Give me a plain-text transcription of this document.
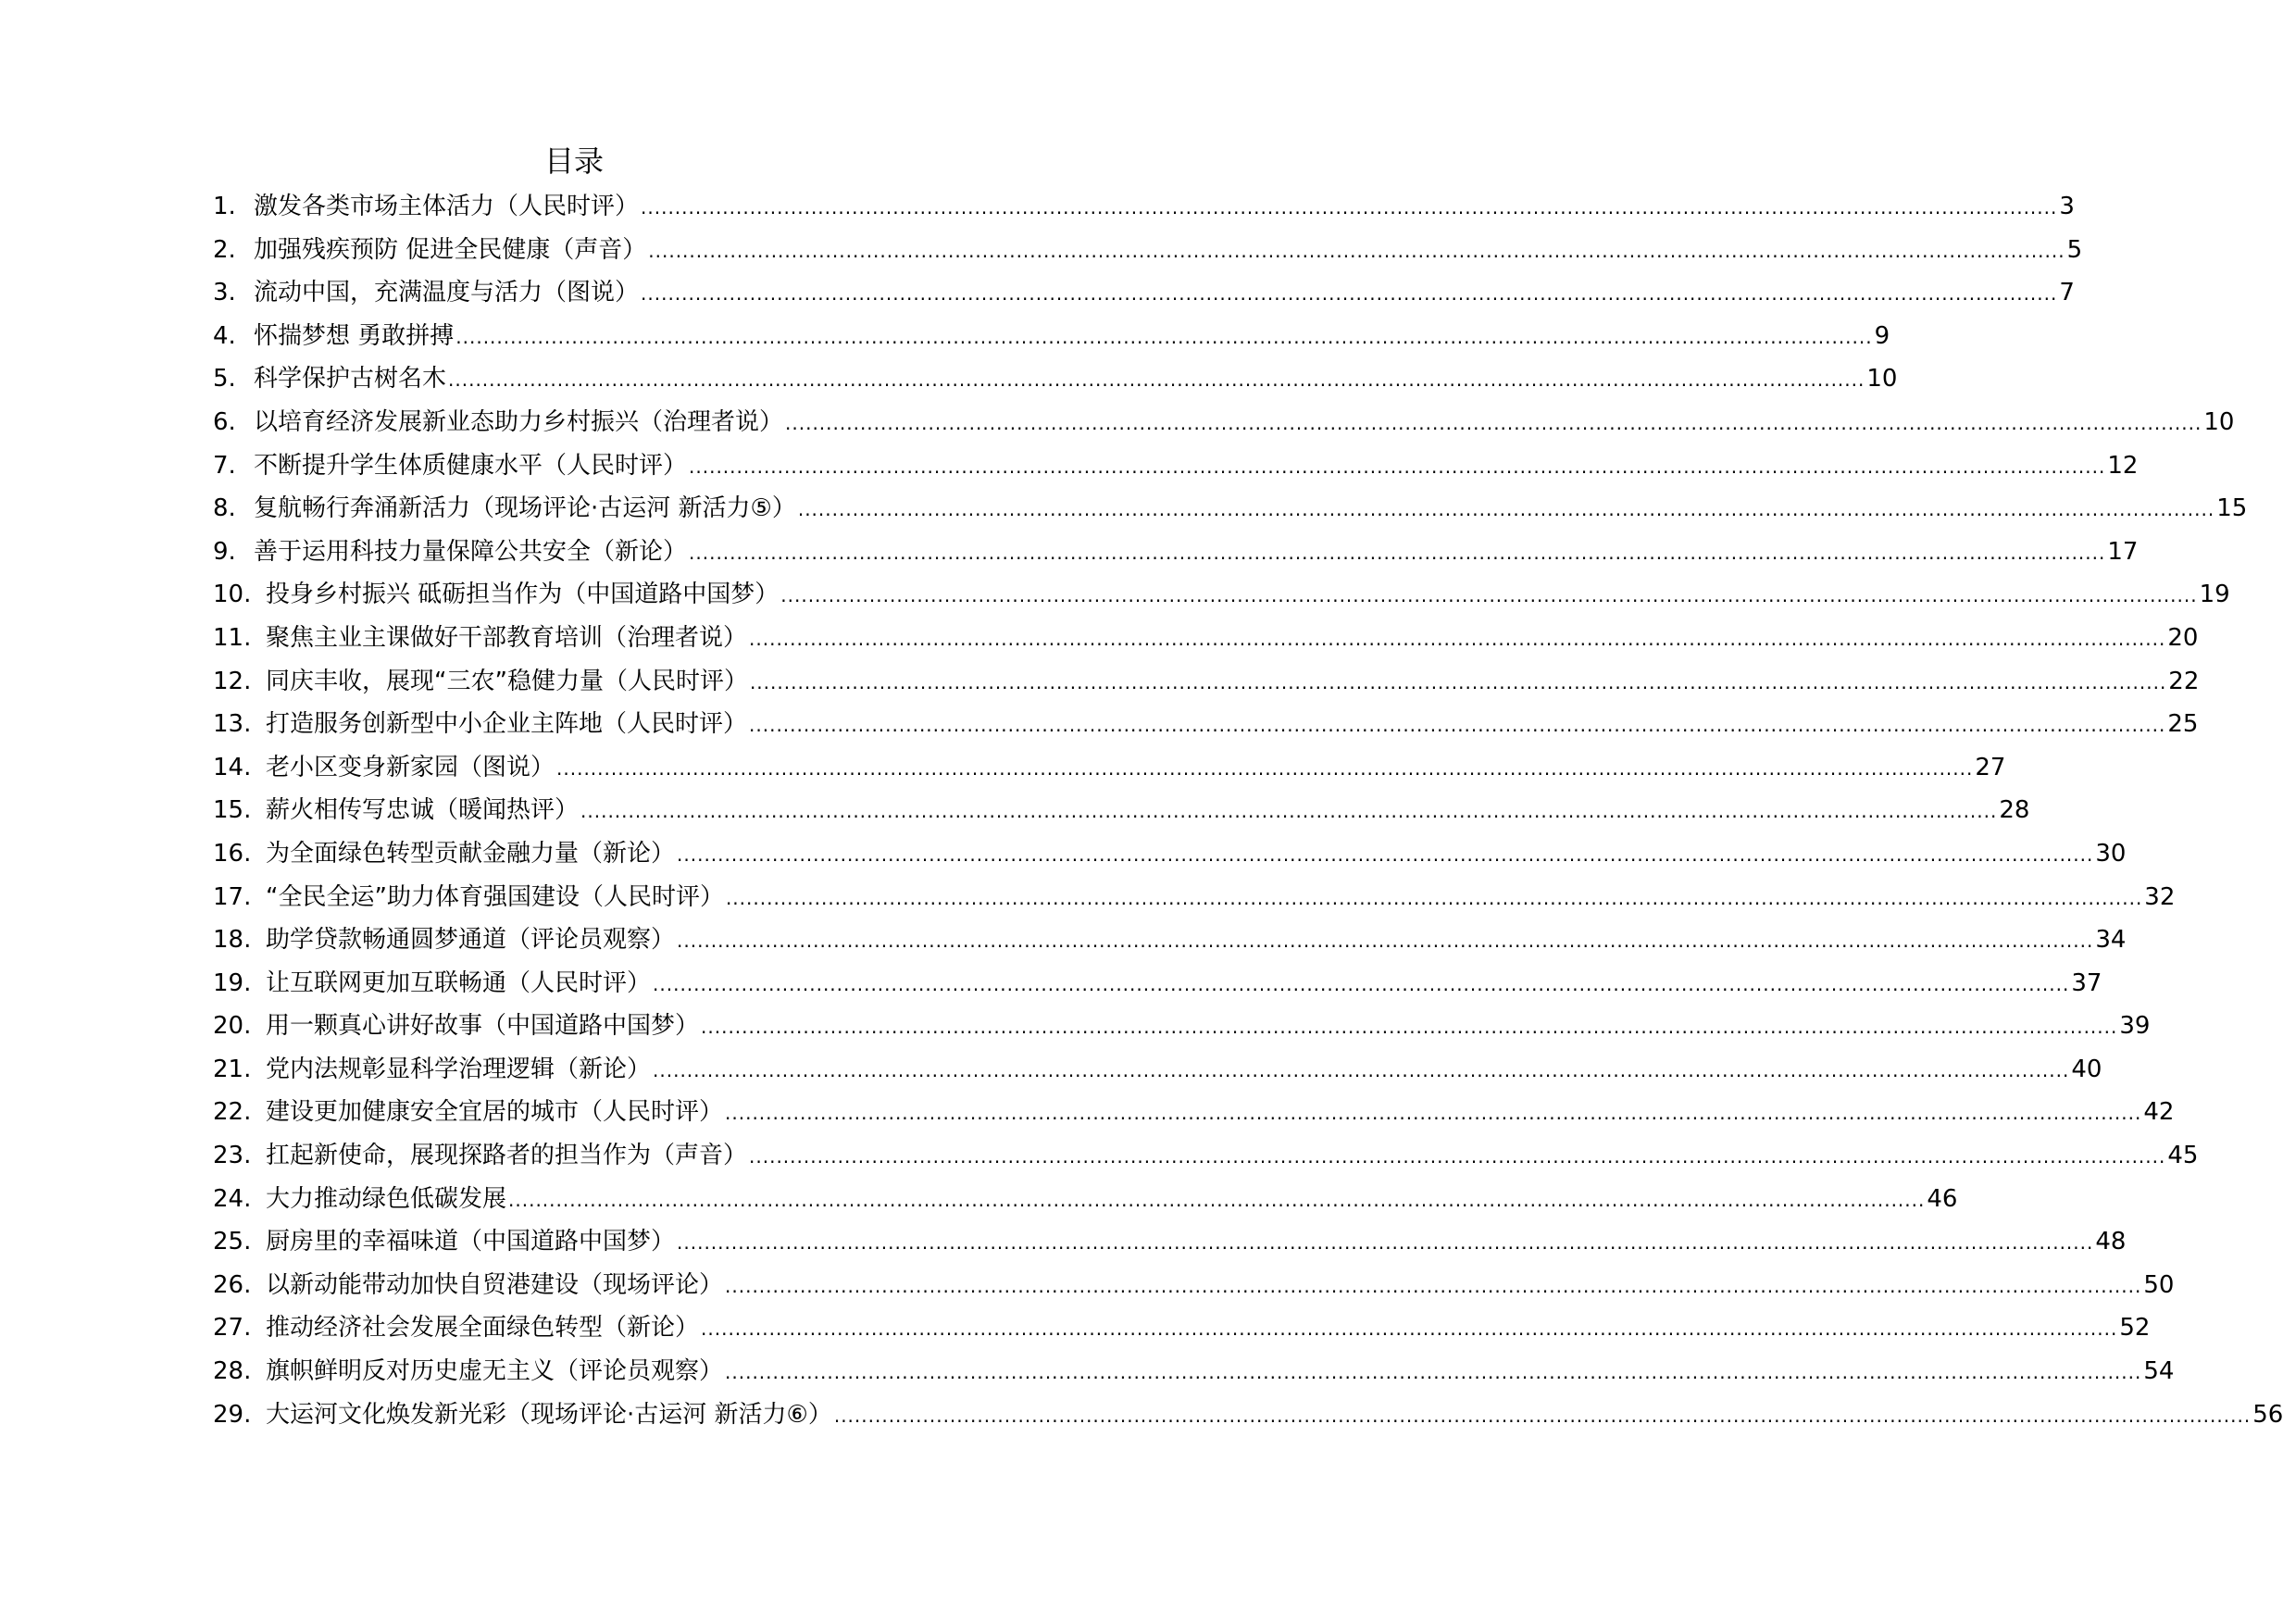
目录
1. 激发各类市场主体活力（人民时评） .....	3
2. 加强残疾预防 促进全民健康（声音） .....	5
3. 流动中国，充满温度与活力（图说） .....	7
4. 怀揣梦想 勇敢拼搏 .....	9
5. 科学保护古树名木 .....	10
6. 以培育经济发展新业态助力乡村振兴（治理者说） .....	10
7. 不断提升学生体质健康水平（人民时评） .....	12
8. 复航畅行奔涌新活力（现场评论·古运河 新活力⑤） .....	15
9. 善于运用科技力量保障公共安全（新论） .....	17
10. 投身乡村振兴 砥砺担当作为（中国道路中国梦） .....	19
11. 聚焦主业主课做好干部教育培训（治理者说） .....	20
12. 同庆丰收，展现“三农”稳健力量（人民时评） .....	22
13. 打造服务创新型中小企业主阵地（人民时评） .....	25
14. 老小区变身新家园（图说） .....	27
15. 薪火相传写忠诚（暖闻热评） .....	28
16. 为全面绿色转型贡献金融力量（新论） .....	30
17. “全民全运”助力体育强国建设（人民时评） .....	32
18. 助学贷款畅通圆梦通道（评论员观察） .....	34
19. 让互联网更加互联畅通（人民时评） .....	37
20. 用一颗真心讲好故事（中国道路中国梦） .....	39
21. 党内法规彰显科学治理逻辑（新论） .....	40
22. 建设更加健康安全宜居的城市（人民时评） .....	42
23. 扛起新使命，展现探路者的担当作为（声音） .....	45
24. 大力推动绿色低碳发展 .....	46
25. 厨房里的幸福味道（中国道路中国梦） .....	48
26. 以新动能带动加快自贸港建设（现场评论） .....	50
27. 推动经济社会发展全面绿色转型（新论） .....	52
28. 旗帜鲜明反对历史虚无主义（评论员观察） .....	54
29. 大运河文化焕发新光彩（现场评论·古运河 新活力⑥） .....	56
